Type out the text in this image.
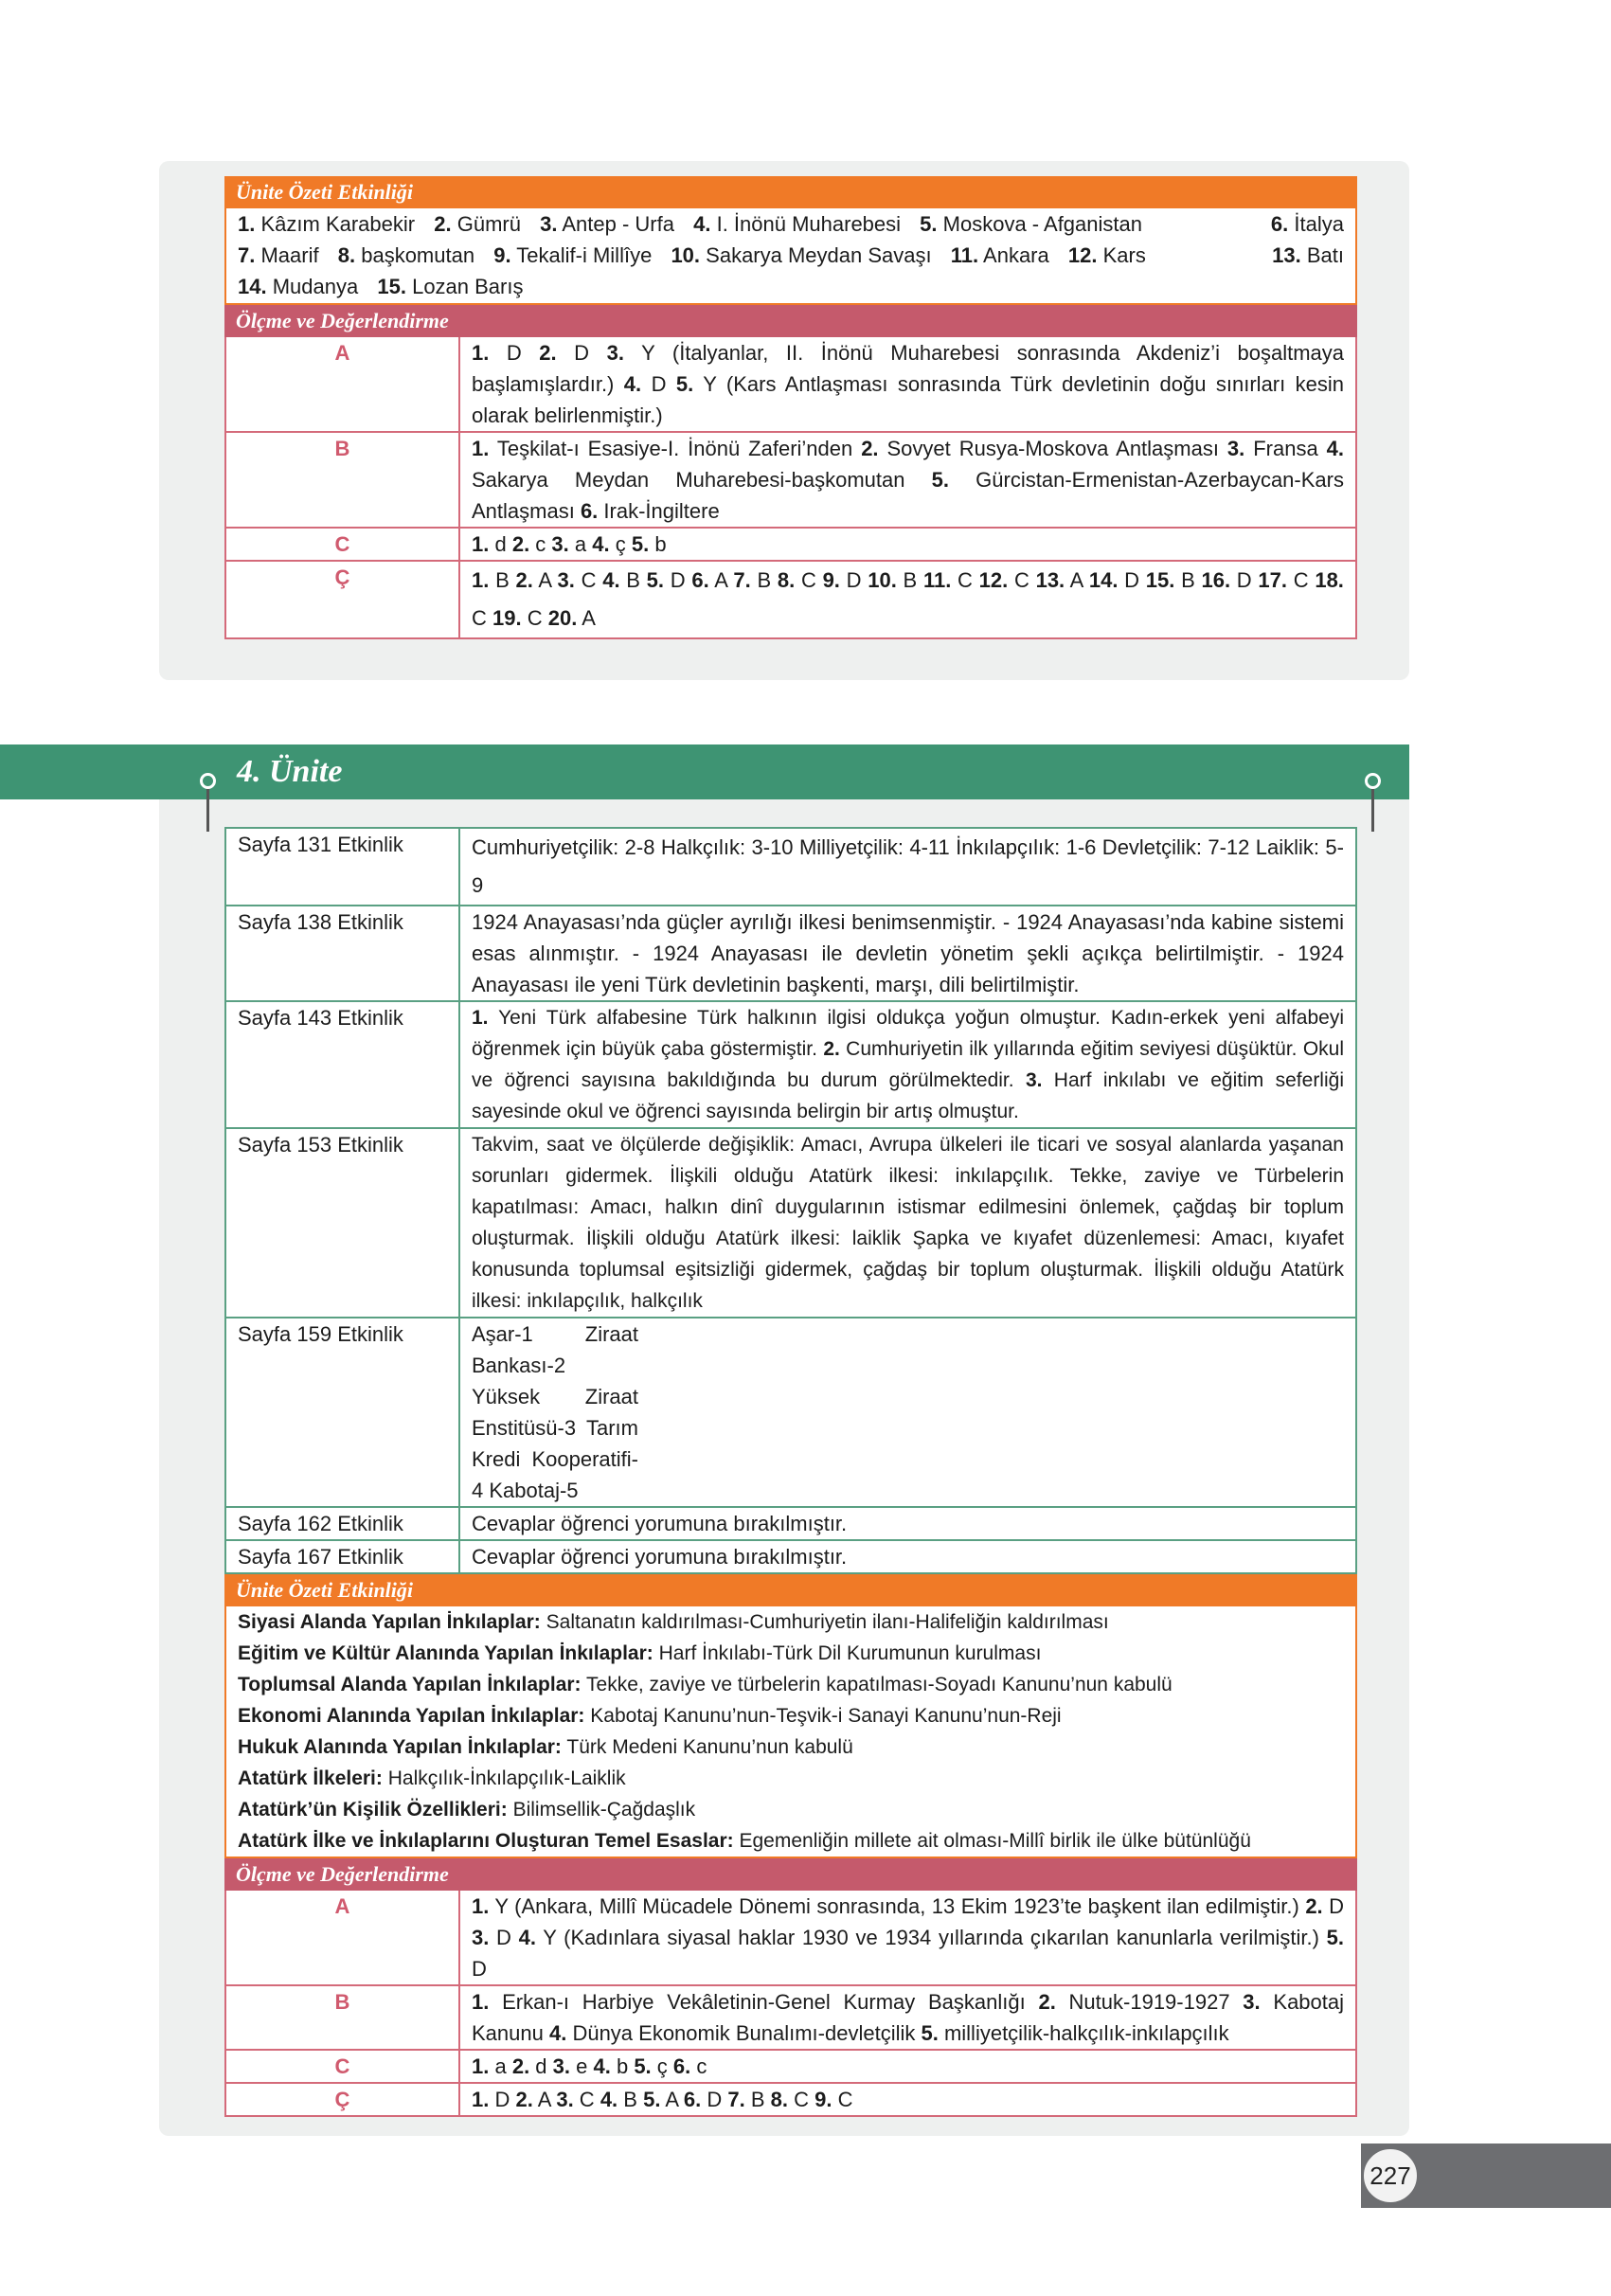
Ünite Özeti Etkinliği
1. Kâzım Karabekir 2. Gümrü 3. Antep - Urfa 4. I. İnönü Muharebesi 5. Moskova - Afganistan	6. İtalya
7. Maarif 8. başkomutan 9. Tekalif-i Millîye 10. Sakarya Meydan Savaşı 11. Ankara 12. Kars	13. Batı
14. Mudanya 15. Lozan Barış
Ölçme ve Değerlendirme
A	1. D 2. D 3. Y (İtalyanlar, II. İnönü Muharebesi sonrasında Akdeniz’i boşaltmaya başlamışlardır.) 4. D 5. Y (Kars Antlaşması sonrasında Türk devletinin doğu sınırları kesin olarak belirlenmiştir.)
B	1. Teşkilat-ı Esasiye-I. İnönü Zaferi’nden 2. Sovyet Rusya-Moskova Antlaşması 3. Fransa 4. Sakarya Meydan Muharebesi-başkomutan 5. Gürcistan-Ermenistan-Azerbaycan-Kars Antlaşması 6. Irak-İngiltere
C	1. d 2. c 3. a 4. ç 5. b
Ç	1. B 2. A 3. C 4. B 5. D 6. A 7. B 8. C 9. D 10. B 11. C 12. C 13. A 14. D 15. B 16. D 17. C 18. C 19. C 20. A
4. Ünite
Sayfa 131 Etkinlik	Cumhuriyetçilik: 2-8 Halkçılık: 3-10 Milliyetçilik: 4-11 İnkılapçılık: 1-6 Devletçilik: 7-12 Laiklik: 5-9
Sayfa 138 Etkinlik	1924 Anayasası’nda güçler ayrılığı ilkesi benimsenmiştir. - 1924 Anayasası’nda kabine sistemi esas alınmıştır. - 1924 Anayasası ile devletin yönetim şekli açıkça belirtilmiştir. - 1924 Anayasası ile yeni Türk devletinin başkenti, marşı, dili belirtilmiştir.
Sayfa 143 Etkinlik	1. Yeni Türk alfabesine Türk halkının ilgisi oldukça yoğun olmuştur. Kadın-erkek yeni alfabeyi öğrenmek için büyük çaba göstermiştir. 2. Cumhuriyetin ilk yıllarında eğitim seviyesi düşüktür. Okul ve öğrenci sayısına bakıldığında bu durum görülmektedir. 3. Harf inkılabı ve eğitim seferliği sayesinde okul ve öğrenci sayısında belirgin bir artış olmuştur.
Sayfa 153 Etkinlik	Takvim, saat ve ölçülerde değişiklik: Amacı, Avrupa ülkeleri ile ticari ve sosyal alanlarda yaşanan sorunları gidermek. İlişkili olduğu Atatürk ilkesi: inkılapçılık. Tekke, zaviye ve Türbelerin kapatılması: Amacı, halkın dinî duygularının istismar edilmesini önlemek, çağdaş bir toplum oluşturmak. İlişkili olduğu Atatürk ilkesi: laiklik Şapka ve kıyafet düzenlemesi: Amacı, kıyafet konusunda toplumsal eşitsizliği gidermek, çağdaş bir toplum oluşturmak. İlişkili olduğu Atatürk ilkesi: inkılapçılık, halkçılık
Sayfa 159 Etkinlik	Aşar-1 Ziraat Bankası-2 Yüksek Ziraat Enstitüsü-3 Tarım Kredi Kooperatifi-4 Kabotaj-5
Sayfa 162 Etkinlik	Cevaplar öğrenci yorumuna bırakılmıştır.
Sayfa 167 Etkinlik	Cevaplar öğrenci yorumuna bırakılmıştır.
Ünite Özeti Etkinliği
Siyasi Alanda Yapılan İnkılaplar: Saltanatın kaldırılması-Cumhuriyetin ilanı-Halifeliğin kaldırılması
Eğitim ve Kültür Alanında Yapılan İnkılaplar: Harf İnkılabı-Türk Dil Kurumunun kurulması
Toplumsal Alanda Yapılan İnkılaplar: Tekke, zaviye ve türbelerin kapatılması-Soyadı Kanunu’nun kabulü
Ekonomi Alanında Yapılan İnkılaplar: Kabotaj Kanunu’nun-Teşvik-i Sanayi Kanunu’nun-Reji
Hukuk Alanında Yapılan İnkılaplar: Türk Medeni Kanunu’nun kabulü
Atatürk İlkeleri: Halkçılık-İnkılapçılık-Laiklik
Atatürk’ün Kişilik Özellikleri: Bilimsellik-Çağdaşlık
Atatürk İlke ve İnkılaplarını Oluşturan Temel Esaslar: Egemenliğin millete ait olması-Millî birlik ile ülke bütünlüğü
Ölçme ve Değerlendirme
A	1. Y (Ankara, Millî Mücadele Dönemi sonrasında, 13 Ekim 1923’te başkent ilan edilmiştir.) 2. D 3. D 4. Y (Kadınlara siyasal haklar 1930 ve 1934 yıllarında çıkarılan kanunlarla verilmiştir.) 5. D
B	1. Erkan-ı Harbiye Vekâletinin-Genel Kurmay Başkanlığı 2. Nutuk-1919-1927 3. Kabotaj Kanunu 4. Dünya Ekonomik Bunalımı-devletçilik 5. milliyetçilik-halkçılık-inkılapçılık
C	1. a 2. d 3. e 4. b 5. ç 6. c
Ç	1. D 2. A 3. C 4. B 5. A 6. D 7. B 8. C 9. C
227
